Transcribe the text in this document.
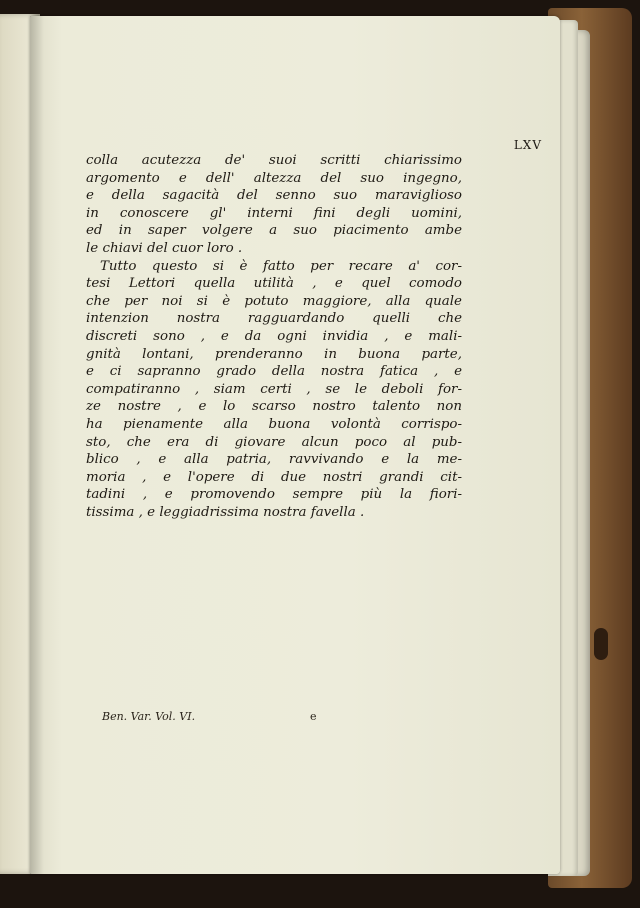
LXV
colla acutezza de' suoi scritti chiarissimo
argomento e dell' altezza del suo ingegno,
e della sagacità del senno suo maraviglioso
in conoscere gl' interni fini degli uomini,
ed in saper volgere a suo piacimento ambe
le chiavi del cuor loro .
Tutto questo si è fatto per recare a' cor-
tesi Lettori quella utilità , e quel comodo
che per noi si è potuto maggiore, alla quale
intenzion nostra ragguardando quelli che
discreti sono , e da ogni invidia , e mali-
gnità lontani, prenderanno in buona parte,
e ci sapranno grado della nostra fatica , e
compatiranno , siam certi , se le deboli for-
ze nostre , e lo scarso nostro talento non
ha pienamente alla buona volontà corrispo-
sto, che era di giovare alcun poco al pub-
blico , e alla patria, ravvivando e la me-
moria , e l'opere di due nostri grandi cit-
tadini , e promovendo sempre più la fiori-
tissima , e leggiadrissima nostra favella .
Ben. Var. Vol. VI.	e
